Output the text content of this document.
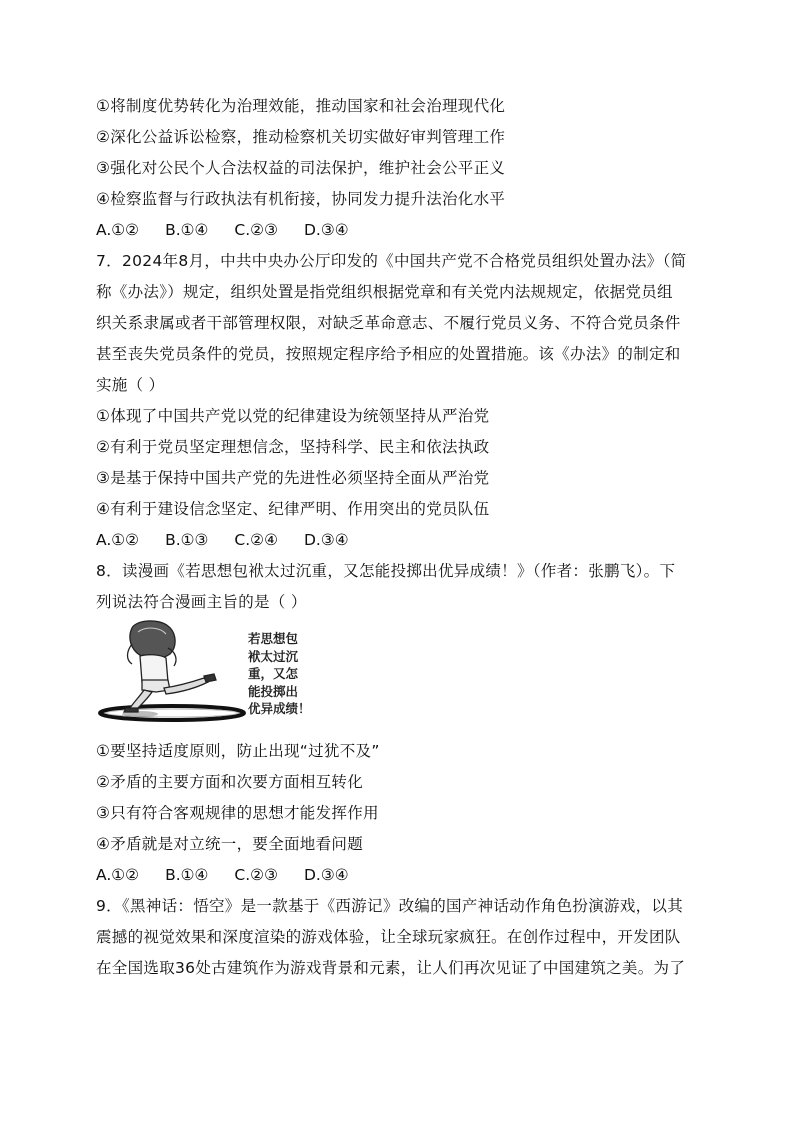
①将制度优势转化为治理效能，推动国家和社会治理现代化
②深化公益诉讼检察，推动检察机关切实做好审判管理工作
③强化对公民个人合法权益的司法保护，维护社会公平正义
④检察监督与行政执法有机衔接，协同发力提升法治化水平
A.①② B.①④ C.②③ D.③④
7．2024年8月，中共中央办公厅印发的《中国共产党不合格党员组织处置办法》（简
称《办法》）规定，组织处置是指党组织根据党章和有关党内法规规定，依据党员组
织关系隶属或者干部管理权限，对缺乏革命意志、不履行党员义务、不符合党员条件
甚至丧失党员条件的党员，按照规定程序给予相应的处置措施。该《办法》的制定和
实施（ ）
①体现了中国共产党以党的纪律建设为统领坚持从严治党
②有利于党员坚定理想信念，坚持科学、民主和依法执政
③是基于保持中国共产党的先进性必须坚持全面从严治党
④有利于建设信念坚定、纪律严明、作用突出的党员队伍
A.①② B.①③ C.②④ D.③④
8．读漫画《若思想包袱太过沉重，又怎能投掷出优异成绩！》（作者：张鹏飞）。下
列说法符合漫画主旨的是（ ）
若思想包
袱太过沉
重，又怎
能投掷出
优异成绩！
①要坚持适度原则，防止出现“过犹不及”
②矛盾的主要方面和次要方面相互转化
③只有符合客观规律的思想才能发挥作用
④矛盾就是对立统一，要全面地看问题
A.①② B.①④ C.②③ D.③④
9．《黑神话：悟空》是一款基于《西游记》改编的国产神话动作角色扮演游戏，以其
震撼的视觉效果和深度渲染的游戏体验，让全球玩家疯狂。在创作过程中，开发团队
在全国选取36处古建筑作为游戏背景和元素，让人们再次见证了中国建筑之美。为了
